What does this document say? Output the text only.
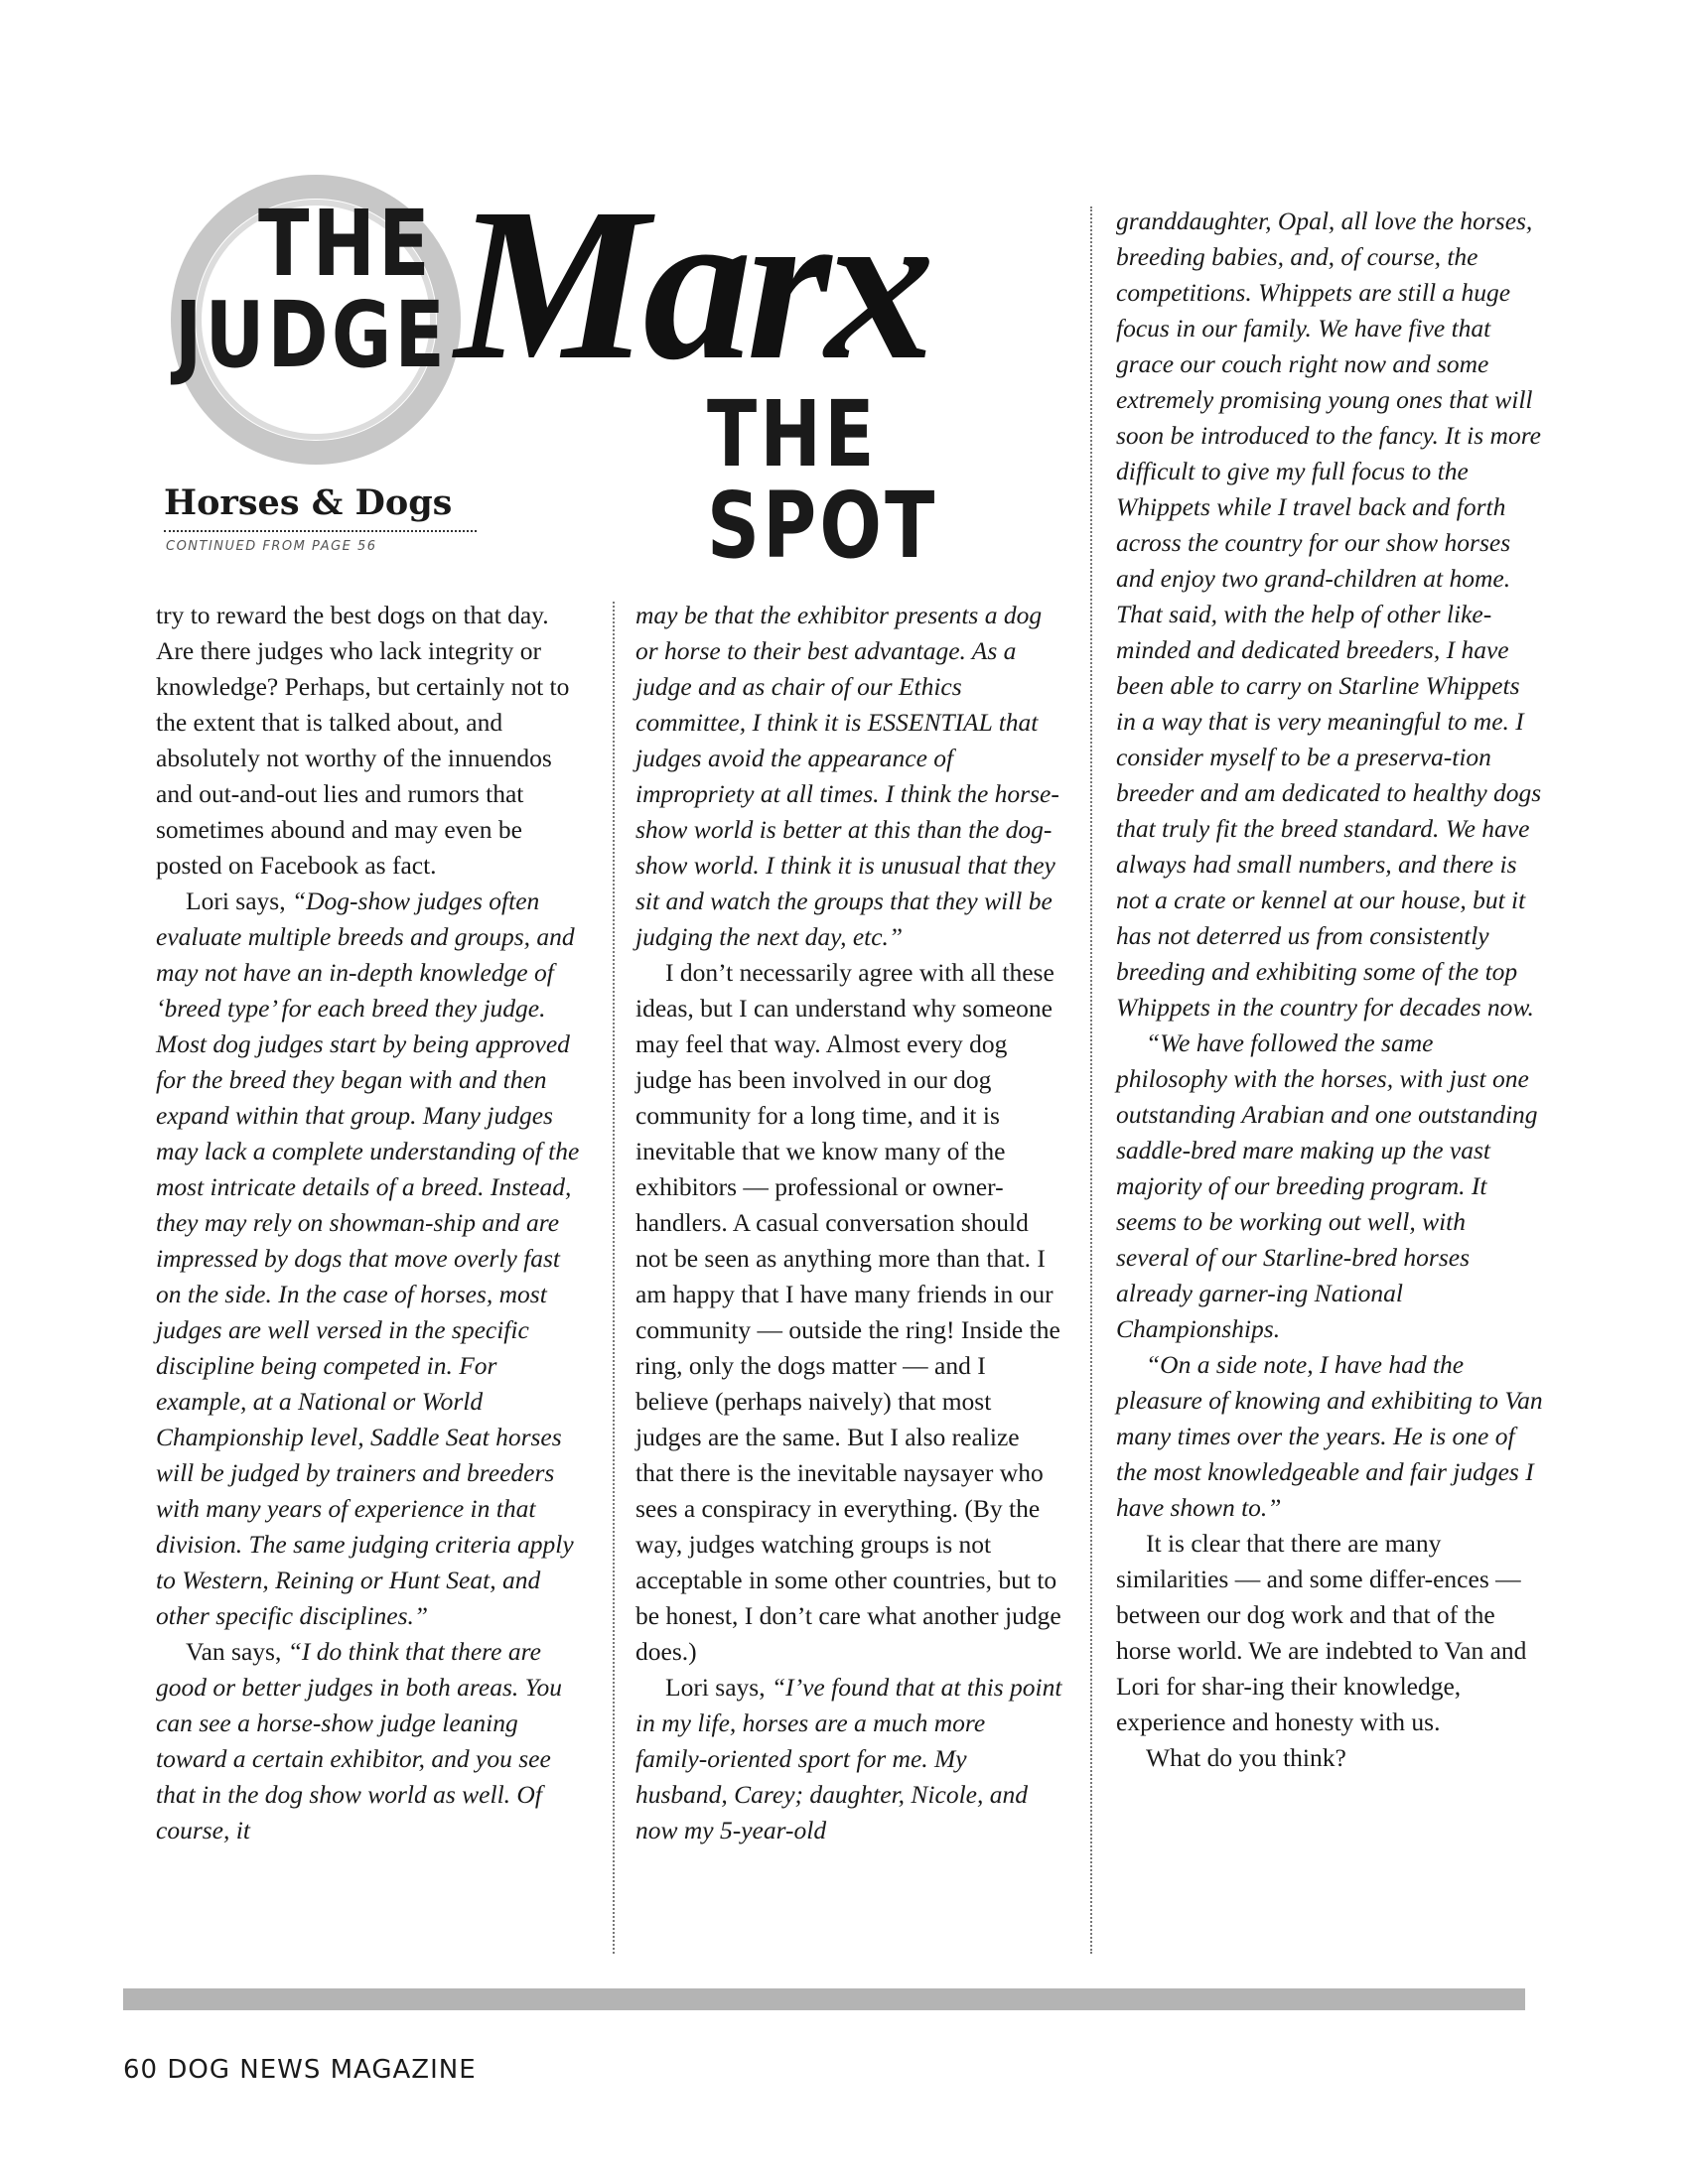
THE
JUDGE Marx
THE SPOT
Horses & Dogs
CONTINUED FROM PAGE 56

try to reward the best dogs on that day. Are there judges who lack integrity or knowledge? Perhaps, but certainly not to the extent that is talked about, and absolutely not worthy of the innuendos and out-and-out lies and rumors that sometimes abound and may even be posted on Facebook as fact.

Lori says, “Dog-show judges often evaluate multiple breeds and groups, and may not have an in-depth knowledge of ‘breed type’ for each breed they judge. Most dog judges start by being approved for the breed they began with and then expand within that group. Many judges may lack a complete understanding of the most intricate details of a breed. Instead, they may rely on showman-ship and are impressed by dogs that move overly fast on the side. In the case of horses, most judges are well versed in the specific discipline being competed in. For example, at a National or World Championship level, Saddle Seat horses will be judged by trainers and breeders with many years of experience in that division. The same judging criteria apply to Western, Reining or Hunt Seat, and other specific disciplines.”

Van says, “I do think that there are good or better judges in both areas. You can see a horse-show judge leaning toward a certain exhibitor, and you see that in the dog show world as well. Of course, it

may be that the exhibitor presents a dog or horse to their best advantage. As a judge and as chair of our Ethics committee, I think it is ESSENTIAL that judges avoid the appearance of impropriety at all times. I think the horse-show world is better at this than the dog-show world. I think it is unusual that they sit and watch the groups that they will be judging the next day, etc.”

I don’t necessarily agree with all these ideas, but I can understand why someone may feel that way. Almost every dog judge has been involved in our dog community for a long time, and it is inevitable that we know many of the exhibitors — professional or owner-handlers. A casual conversation should not be seen as anything more than that. I am happy that I have many friends in our community — outside the ring! Inside the ring, only the dogs matter — and I believe (perhaps naively) that most judges are the same. But I also realize that there is the inevitable naysayer who sees a conspiracy in everything. (By the way, judges watching groups is not acceptable in some other countries, but to be honest, I don’t care what another judge does.)

Lori says, “I’ve found that at this point in my life, horses are a much more family-oriented sport for me. My husband, Carey; daughter, Nicole, and now my 5-year-old

granddaughter, Opal, all love the horses, breeding babies, and, of course, the competitions. Whippets are still a huge focus in our family. We have five that grace our couch right now and some extremely promising young ones that will soon be introduced to the fancy. It is more difficult to give my full focus to the Whippets while I travel back and forth across the country for our show horses and enjoy two grand-children at home. That said, with the help of other like-minded and dedicated breeders, I have been able to carry on Starline Whippets in a way that is very meaningful to me. I consider myself to be a preserva-tion breeder and am dedicated to healthy dogs that truly fit the breed standard. We have always had small numbers, and there is not a crate or kennel at our house, but it has not deterred us from consistently breeding and exhibiting some of the top Whippets in the country for decades now.

“We have followed the same philosophy with the horses, with just one outstanding Arabian and one outstanding saddle-bred mare making up the vast majority of our breeding program. It seems to be working out well, with several of our Starline-bred horses already garner-ing National Championships.

“On a side note, I have had the pleasure of knowing and exhibiting to Van many times over the years. He is one of the most knowledgeable and fair judges I have shown to.”

It is clear that there are many similarities — and some differ-ences — between our dog work and that of the horse world. We are indebted to Van and Lori for shar-ing their knowledge, experience and honesty with us.

What do you think?

60 DOG NEWS MAGAZINE
